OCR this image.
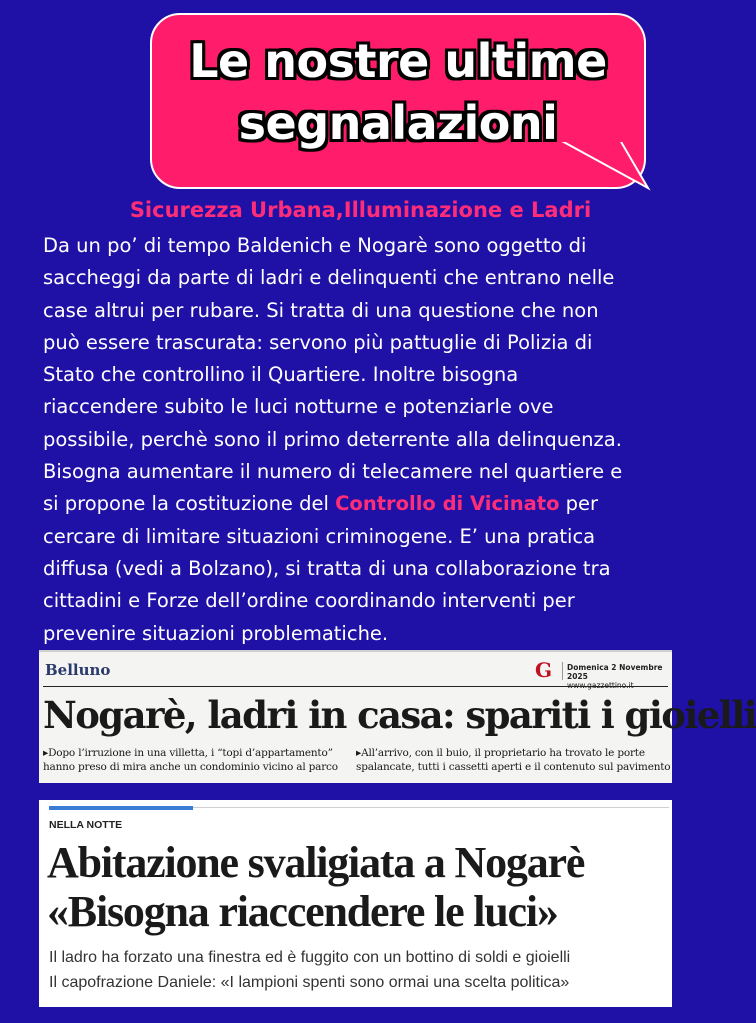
Le nostre ultime
segnalazioni
Sicurezza Urbana,Illuminazione e Ladri
Da un po’ di tempo Baldenich e Nogarè sono oggetto di
saccheggi da parte di ladri e delinquenti che entrano nelle
case altrui per rubare. Si tratta di una questione che non
può essere trascurata: servono più pattuglie di Polizia di
Stato che controllino il Quartiere. Inoltre bisogna
riaccendere subito le luci notturne e potenziarle ove
possibile, perchè sono il primo deterrente alla delinquenza.
Bisogna aumentare il numero di telecamere nel quartiere e
si propone la costituzione del Controllo di Vicinato per
cercare di limitare situazioni criminogene. E’ una pratica
diffusa (vedi a Bolzano), si tratta di una collaborazione tra
cittadini e Forze dell’ordine coordinando interventi per
prevenire situazioni problematiche.
Belluno	G Domenica 2 Novembre 2025

Nogarè, ladri in casa: spariti i gioielli
▸Dopo l’irruzione in una villetta, i “topi d’appartamento”
hanno preso di mira anche un condominio vicino al parco
▸All’arrivo, con il buio, il proprietario ha trovato le porte
spalancate, tutti i cassetti aperti e il contenuto sul pavimento
NELLA NOTTE
Abitazione svaligiata a Nogarè
«Bisogna riaccendere le luci»
Il ladro ha forzato una finestra ed è fuggito con un bottino di soldi e gioielli
Il capofrazione Daniele: «I lampioni spenti sono ormai una scelta politica»
